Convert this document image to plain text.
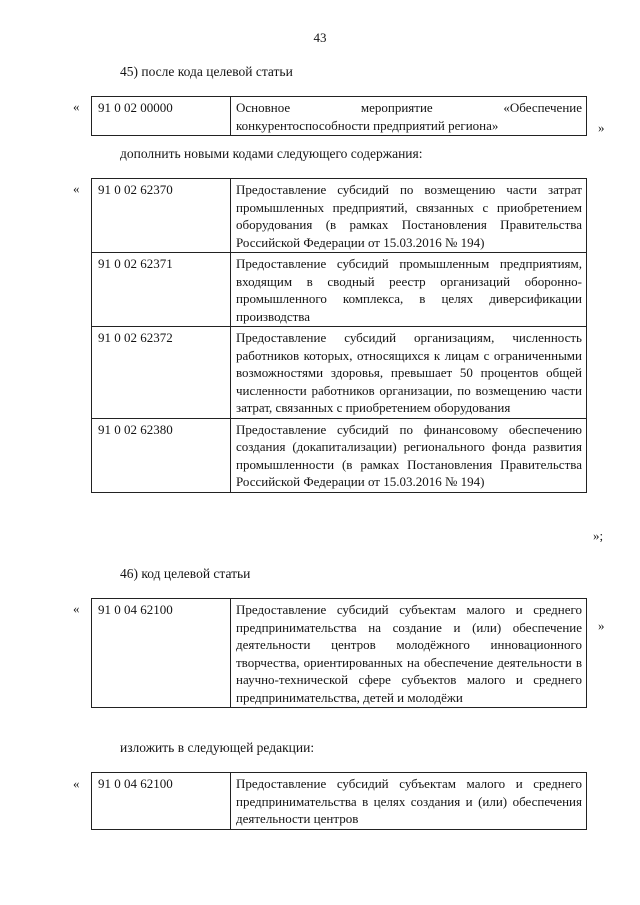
43
45) после кода целевой статьи
« 91 0 02 00000	Основное мероприятие «Обеспечение конкурентоспособности предприятий региона»	»
дополнить новыми кодами следующего содержания:
« 91 0 02 62370	Предоставление субсидий по возмещению части затрат промышленных предприятий, связанных с приобретением оборудования (в рамках Постановления Правительства Российской Федерации от 15.03.2016 № 194)
91 0 02 62371	Предоставление субсидий промышленным предприятиям, входящим в сводный реестр организаций оборонно-промышленного комплекса, в целях диверсификации производства
91 0 02 62372	Предоставление субсидий организациям, численность работников которых, относящихся к лицам с ограниченными возможностями здоровья, превышает 50 процентов общей численности работников организации, по возмещению части затрат, связанных с приобретением оборудования
91 0 02 62380	Предоставление субсидий по финансовому обеспечению создания (докапитализации) регионального фонда развития промышленности (в рамках Постановления Правительства Российской Федерации от 15.03.2016 № 194)
»;
46) код целевой статьи
« 91 0 04 62100	Предоставление субсидий субъектам малого и среднего предпринимательства на создание и (или) обеспечение деятельности центров молодёжного инновационного творчества, ориентированных на обеспечение деятельности в научно-технической сфере субъектов малого и среднего предпринимательства, детей и молодёжи
»
изложить в следующей редакции:
« 91 0 04 62100	Предоставление субсидий субъектам малого и среднего предпринимательства в целях создания и (или) обеспечения деятельности центров
